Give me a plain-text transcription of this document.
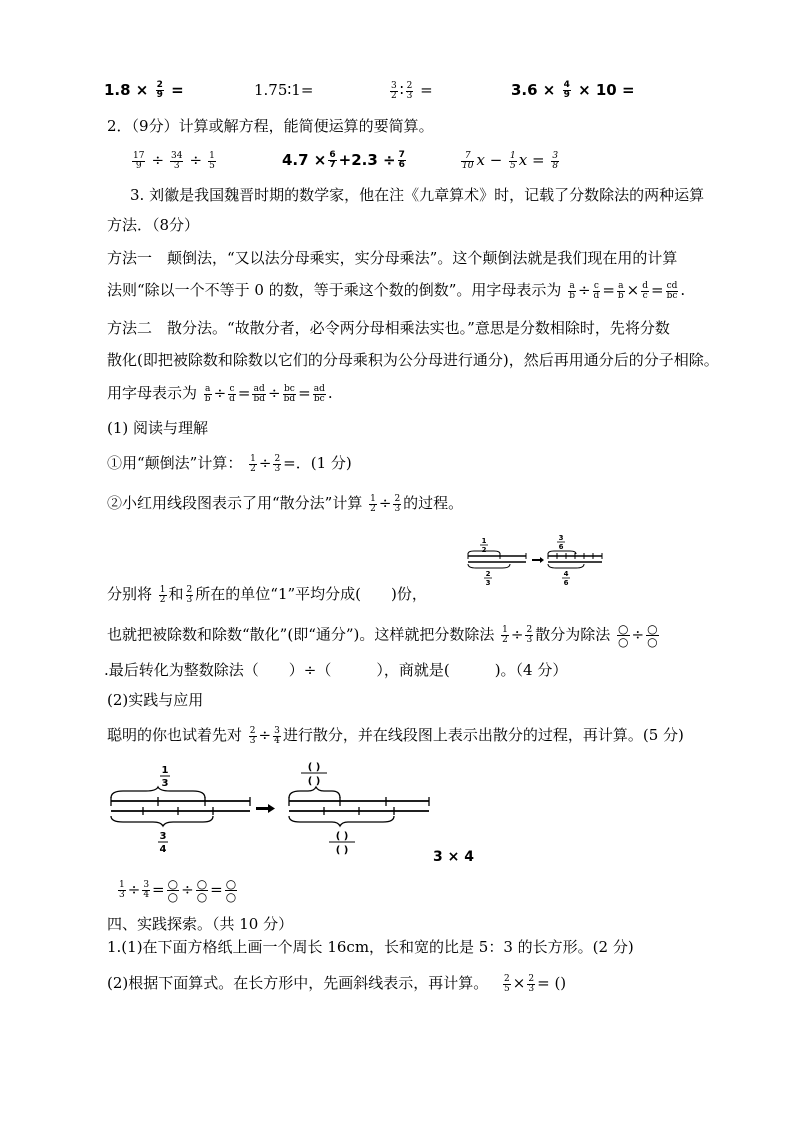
$1.8 \times \frac{2}{9}$ =	1.75∶1=	$\frac{3}{2}$ ∶ $\frac{2}{3}$ =	$3.6 \times \frac{4}{9} \times 10$ =
2．（9分）计算或解方程，能简便运算的要简算。
$\frac{17}{9} \div \frac{34}{3} \div \frac{1}{5}$	$4.7 \times \frac{6}{7} +2.3 \div \frac{7}{6}$	$\frac{7}{10}$ $x - \frac{1}{5}$ $x = \frac{3}{8}$
3. 刘徽是我国魏晋时期的数学家，他在注《九章算术》时，记载了分数除法的两种运算
方法．（8分）
方法一　颠倒法，“又以法分母乘实，实分母乘法”。这个颠倒法就是我们现在用的计算
法则“除以一个不等于 0 的数，等于乘这个数的倒数”。用字母表示为 $\frac{a}{b} \div \frac{c}{d} = \frac{a}{b} \times \frac{d}{c} = \frac{cd}{bc}$ .
方法二　散分法。“故散分者，必令两分母相乘法实也。”意思是分数相除时，先将分数
散化(即把被除数和除数以它们的分母乘积为公分母进行通分)，然后再用通分后的分子相除。
用字母表示为 $\frac{a}{b} \div \frac{c}{d} = \frac{ad}{bd} \div \frac{bc}{bd} = \frac{ad}{bc}$ .
(1) 阅读与理解
①用“颠倒法”计算： $\frac{1}{2} \div \frac{2}{3}$ =．(1 分)
②小红用线段图表示了用“散分法”计算 $\frac{1}{2} \div \frac{2}{3}$ 的过程。
1
2
2
3
3
6
4
6
分别将 $\frac{1}{2}$ 和 $\frac{2}{3}$ 所在的单位“1”平均分成(　　)份，
也就把被除数和除数“散化”(即“通分”)。这样就把分数除法 $\frac{1}{2} \div \frac{2}{3}$ 散分为除法 ○
○ ÷ ○
○
.最后转化为整数除法（　　）÷（　　　），商就是(　　　)。（4 分）
(2)实践与应用
聪明的你也试着先对 $\frac{2}{3} \div \frac{3}{4}$ 进行散分，并在线段图上表示出散分的过程，再计算。(5 分)
1
3
3
4
( )
( )
( )
( )	3 × 4
$\frac{1}{3} \div \frac{3}{4}$ = ○
○ ÷ ○
○ = ○
○
四、实践探索。（共 10 分）
1.(1)在下面方格纸上画一个周长 16cm，长和宽的比是 5：3 的长方形。(2 分)
(2)根据下面算式。在长方形中，先画斜线表示，再计算。 $\frac{2}{5} \times \frac{2}{3}$ = ()
